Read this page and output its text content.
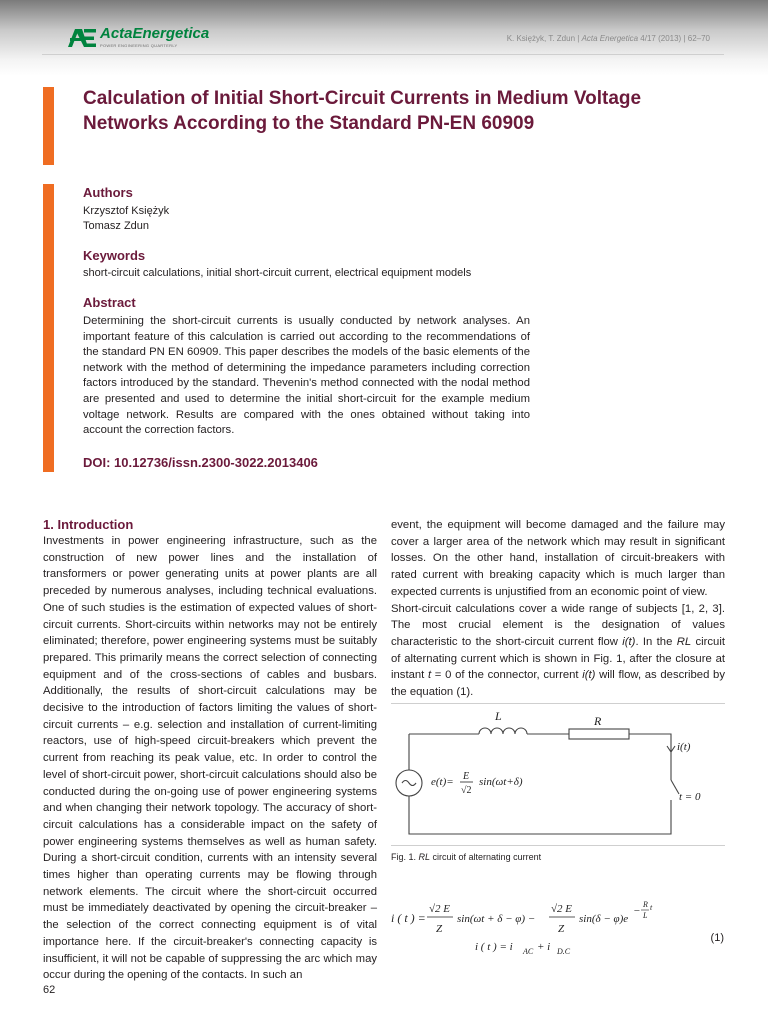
ActaEnergetica
POWER ENGINEERING QUARTERLY
K. Księżyk, T. Zdun | Acta Energetica 4/17 (2013) | 62–70
Calculation of Initial Short-Circuit Currents in Medium Voltage Networks According to the Standard PN-EN 60909
Authors
Krzysztof Księżyk
Tomasz Zdun
Keywords
short-circuit calculations, initial short-circuit current, electrical equipment models
Abstract

Determining the short-circuit currents is usually conducted by network analyses. An important feature of this calculation is carried out according to the recommendations of the standard PN EN 60909. This paper describes the models of the basic elements of the network with the method of determining the impedance parameters including correction factors introduced by the standard. Thevenin's method connected with the nodal method are presented and used to determine the initial short-circuit for the example medium voltage network. Results are compared with the ones obtained without taking into account the correction factors.

DOI: 10.12736/issn.2300-3022.2013406
1. Introduction

Investments in power engineering infrastructure, such as the construction of new power lines and the installation of transformers or power generating units at power plants are all preceded by numerous analyses, including technical evaluations. One of such studies is the estimation of expected values of short-circuit currents. Short-circuits within networks may not be entirely eliminated; therefore, power engineering systems must be suitably prepared. This primarily means the correct selection of connecting equipment and of the cross-sections of cables and busbars. Additionally, the results of short-circuit calculations may be decisive to the introduction of factors limiting the values of short-circuit currents – e.g. selection and installation of current-limiting reactors, use of high-speed circuit-breakers which prevent the current from reaching its peak value, etc. In order to control the level of short-circuit power, short-circuit calculations should also be conducted during the on-going use of power engineering systems and when changing their network topology. The accuracy of short-circuit calculations has a considerable impact on the safety of power engineering systems themselves as well as human safety. During a short-circuit condition, currents with an intensity several times higher than operating currents may be flowing through network elements. The circuit where the short-circuit occurred must be immediately deactivated by opening the circuit-breaker – the selection of the correct connecting equipment is of vital importance here. If the circuit-breaker's connecting capacity is insufficient, it will not be capable of suppressing the arc which may occur during the opening of the contacts. In such an

event, the equipment will become damaged and the failure may cover a larger area of the network which may result in significant losses. On the other hand, installation of circuit-breakers with rated current with breaking capacity which is much larger than expected currents is unjustified from an economic point of view.
Short-circuit calculations cover a wide range of subjects [1, 2, 3]. The most crucial element is the designation of values characteristic to the short-circuit current flow i(t). In the RL circuit of alternating current which is shown in Fig. 1, after the closure at instant t = 0 of the connector, current i(t) will flow, as described by the equation (1).
L	R
i(t)
e(t)= E
√2
sin(ωt+δ)
t = 0
Fig. 1. RL circuit of alternating current
i ( t ) =
√2 E
Z
sin(ωt + δ − φ) −
√2 E
Z
sin(δ − φ)e
−
R
L
t
i ( t ) = i AC + i D.C
(1)
62
